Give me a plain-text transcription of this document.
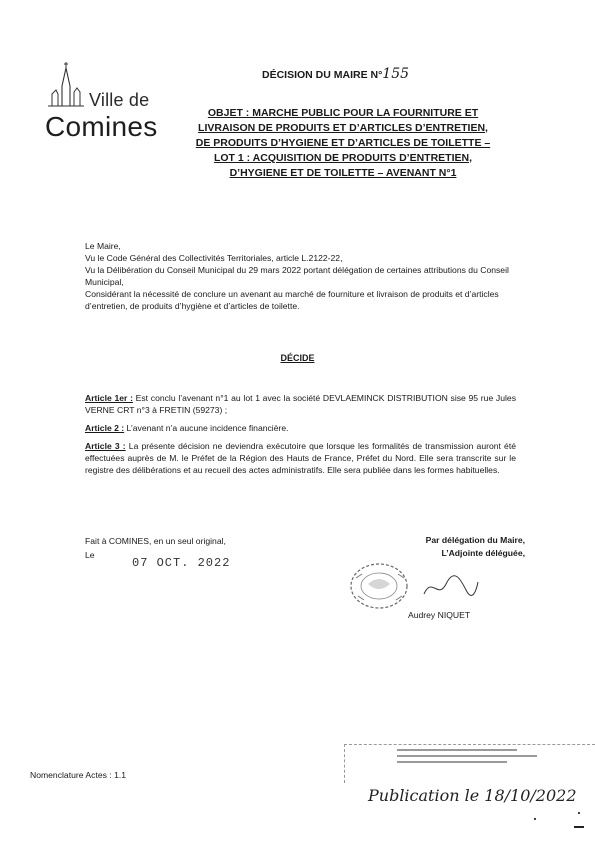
Ville de
Comines
DÉCISION DU MAIRE N°155
OBJET : MARCHE PUBLIC POUR LA FOURNITURE ET
LIVRAISON DE PRODUITS ET D’ARTICLES D’ENTRETIEN,
DE PRODUITS D’HYGIENE ET D’ARTICLES DE TOILETTE –
LOT 1 : ACQUISITION DE PRODUITS D’ENTRETIEN,
D’HYGIENE ET DE TOILETTE – AVENANT N°1

Le Maire,

Vu le Code Général des Collectivités Territoriales, article L.2122-22,

Vu la Délibération du Conseil Municipal du 29 mars 2022 portant délégation de certaines attributions du Conseil Municipal,

Considérant la nécessité de conclure un avenant au marché de fourniture et livraison de produits et d’articles d’entretien, de produits d’hygiène et d’articles de toilette.

DÉCIDE

Article 1er : Est conclu l’avenant n°1 au lot 1 avec la société DEVLAEMINCK DISTRIBUTION sise 95 rue Jules VERNE CRT n°3 à FRETIN (59273) ;

Article 2 : L’avenant n’a aucune incidence financière.

Article 3 : La présente décision ne deviendra exécutoire que lorsque les formalités de transmission auront été effectuées auprès de M. le Préfet de la Région des Hauts de France, Préfet du Nord. Elle sera transcrite sur le registre des délibérations et au recueil des actes administratifs. Elle sera publiée dans les formes habituelles.

Fait à COMINES, en un seul original,
Le
07 OCT. 2022
Par délégation du Maire,
L’Adjointe déléguée,
Audrey NIQUET
Nomenclature Actes : 1.1
Publication le 18/10/2022
